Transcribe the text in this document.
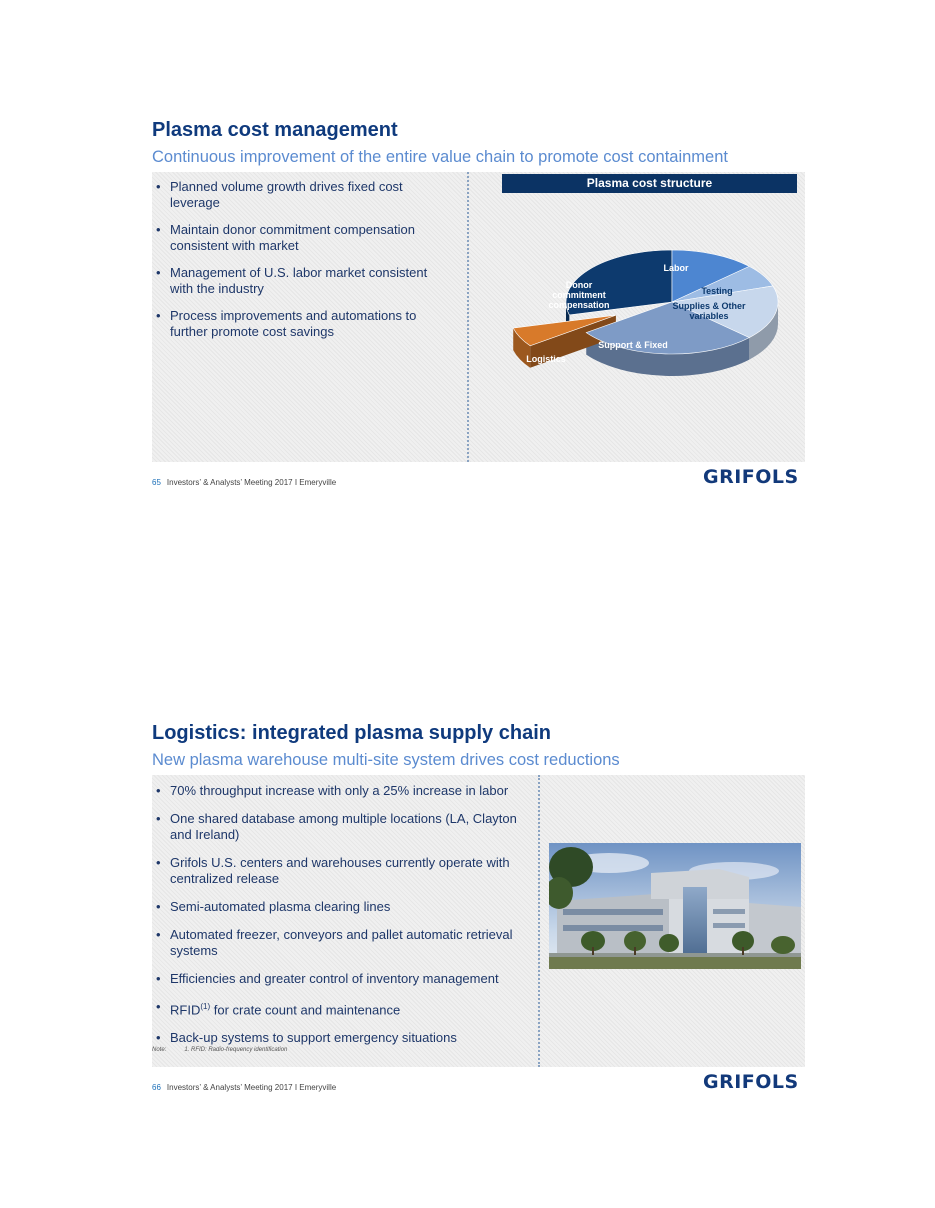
Plasma cost management
Continuous improvement of the entire value chain to promote cost containment
• Planned volume growth drives fixed cost leverage
• Maintain donor commitment compensation consistent with market
• Management of U.S. labor market consistent with the industry
• Process improvements and automations to further promote cost savings
Plasma cost structure
Donor
commitment
compensation
Labor
Testing
Supplies & Other
variables
Support & Fixed
Logistics
65 Investors’ & Analysts’ Meeting 2017 I Emeryville	GRIFOLS
Logistics: integrated plasma supply chain
New plasma warehouse multi-site system drives cost reductions
• 70% throughput increase with only a 25% increase in labor
• One shared database among multiple locations (LA, Clayton and Ireland)
• Grifols U.S. centers and warehouses currently operate with centralized release
• Semi-automated plasma clearing lines
• Automated freezer, conveyors and pallet automatic retrieval systems
• Efficiencies and greater control of inventory management
• RFID$^{(1)}$ for crate count and maintenance
• Back-up systems to support emergency situations
Note:	1. RFID: Radio-frequency identification
66 Investors’ & Analysts’ Meeting 2017 I Emeryville	GRIFOLS
